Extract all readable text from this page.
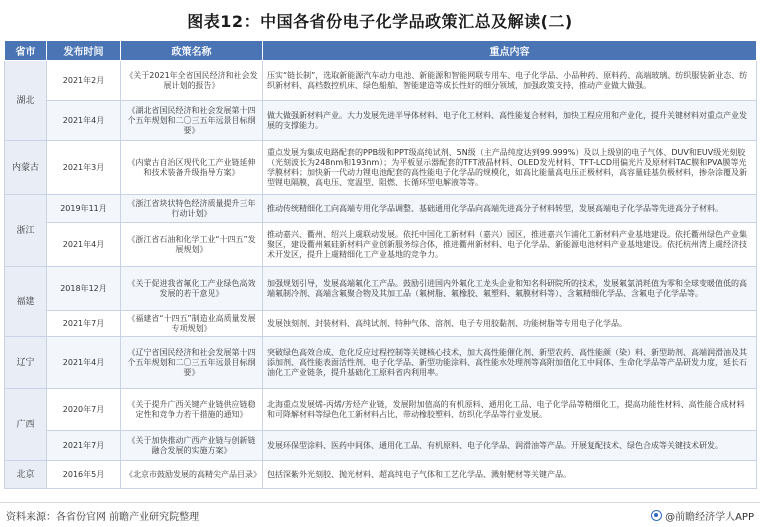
图表12：中国各省份电子化学品政策汇总及解读(二)
省市	发布时间	政策名称	重点内容
湖北	2021年2月	《关于2021年全省国民经济和社会发展计划的报告》	压实“链长制”，选取新能源汽车动力电池、新能源和智能网联专用车、电子化学品、小品种药、原料药、高端玻璃、纺织服装新业态、纺织新材料、高档数控机床、绿色船舶、智能建造等成长性好的细分领域，加强政策支持，推动产业做大做强。
	2021年4月	《湖北省国民经济和社会发展第十四个五年规划和二〇三五年远景目标纲要》	做大做强新材料产业。大力发展先进半导体材料、电子化工材料、高性能复合材料，加快工程应用和产业化，提升关键材料对重点产业发展的支撑能力。
内蒙古	2021年3月	《内蒙古自治区现代化工产业链延伸和技术装备升级指导方案》	重点发展为集成电路配套的PPB级和PPT级高纯试剂、5N级（主产品纯度达到99.999%）及以上级别的电子气体、DUV和EUV级光刻胶（光刻波长为248nm和193nm）；为平板显示器配套的TFT液晶材料、OLED发光材料、TFT-LCD用偏光片及原材料TAC膜和PVA膜等光学膜材料；加快新一代动力锂电池配套的高性能电子化学品的规模化，如高比能量高电压正极材料，高容量硅基负极材料，掺杂涂覆及新型锂电隔膜，高电压、宽温型、阻燃、长循环型电解液等等。
浙江	2019年11月	《浙江省块状特色经济质量提升三年行动计划》	推动传统精细化工向高端专用化学品调整、基础通用化学品向高端先进高分子材料转型，发展高端电子化学品等先进高分子材料。
	2021年4月	《浙江省石油和化学工业“十四五”发展规划》	推动嘉兴、衢州、绍兴上虞联动发展。依托中国化工新材料（嘉兴）园区，推进嘉兴乍浦化工新材料产业基地建设。依托衢州绿色产业集聚区，建设衢州氟硅新材料产业创新服务综合体，推进衢州新材料、电子化学品、新能源电池材料产业基地建设。依托杭州湾上虞经济技术开发区，提升上虞精细化工产业基地的竞争力。
福建	2018年12月	《关于促进我省氟化工产业绿色高效发展的若干意见》	加强规划引导，发展高端氟化工产品。鼓励引进国内外氟化工龙头企业和知名科研院所的技术，发展氟氯消耗值为零和全球变暖值低的高端氟制冷剂、高端含氟聚合物及其加工品（氟树脂、氟橡胶、氟塑料、氟膜材料等）、含氟精细化学品、含氟电子化学品等。
	2021年7月	《福建省“十四五”制造业高质量发展专项规划》	发展蚀刻剂、封装材料、高纯试剂、特种气体、溶剂、电子专用胶黏剂、功能树脂等专用电子化学品。
辽宁	2021年4月	《辽宁省国民经济和社会发展第十四个五年规划和二〇三五年远景目标纲要》	突破绿色高效合成、危化反应过程控制等关键核心技术，加大高性能催化剂、新型农药、高性能颜（染）料、新型助剂、高端润滑油及其添加剂、高性能表面活性剂、电子化学品、新型功能涂料、高性能水处理剂等高附加值化工中间体、生命化学品等产品研发力度，延长石油化工产业链条，提升基础化工原料省内利用率。
广西	2020年7月	《关于提升广西关键产业链供应链稳定性和竞争力若干措施的通知》	北海重点发展烯-丙烯/芳烃产业链，发展附加值高的有机原料、通用化工品、电子化学品等精细化工，提高功能性材料、高性能合成材料和可降解材料等绿色化工新材料占比，带动橡胶塑料、纺织化学品等行业发展。
	2021年7月	《关于加快推动广西产业链与创新链融合发展的实施方案》	发展环保型涂料、医药中间体、通用化工品、有机原料、电子化学品、润滑油等产品。开展复配技术、绿色合成等关键技术研发。
北京	2016年5月	《北京市鼓励发展的高精尖产品目录》	包括深紫外光刻胶、抛光材料、超高纯电子气体和工艺化学品、溅射靶材等关键产品。
资料来源：各省份官网 前瞻产业研究院整理	@前瞻经济学人APP
